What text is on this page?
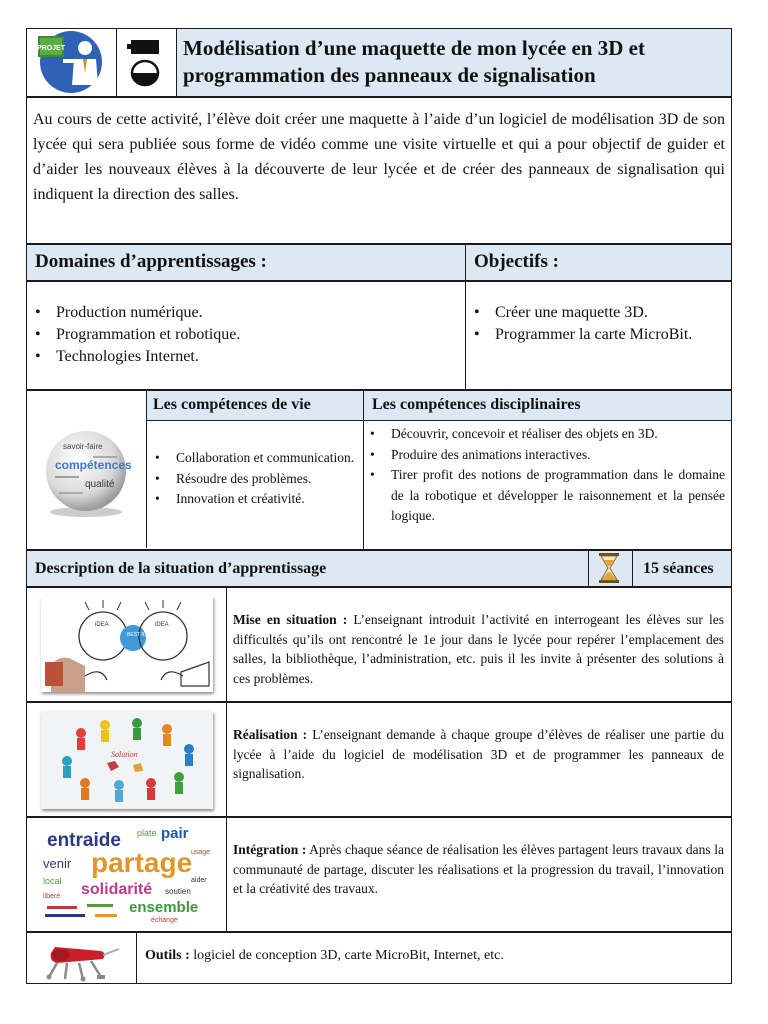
PROJET	Modélisation d’une maquette de mon lycée en 3D et
programmation des panneaux de signalisation
Au cours de cette activité, l’élève doit créer une maquette à l’aide d’un logiciel de modélisation 3D de son lycée qui sera publiée sous forme de vidéo comme une visite virtuelle et qui a pour objectif de guider et d’aider les nouveaux élèves à la découverte de leur lycée et de créer des panneaux de signalisation qui indiquent la direction des salles.
Domaines d’apprentissages :	Objectifs :
• Production numérique.
• Programmation et robotique.
• Technologies Internet.
• Créer une maquette 3D.
• Programmer la carte MicroBit.
savoir-faire
compétences
qualité
Les compétences de vie	Les compétences disciplinaires
• Collaboration et communication.
• Résoudre des problèmes.
• Innovation et créativité.
• Découvrir, concevoir et réaliser des objets en 3D.
• Produire des animations interactives.
• Tirer profit des notions de programmation dans le domaine de la robotique et développer le raisonnement et la pensée logique.
Description de la situation d’apprentissage	15 séances
iDEA
BEST IDEA
iDEA	Mise en situation : L’enseignant introduit l’activité en interrogeant les élèves sur les difficultés qu’ils ont rencontré le 1e jour dans le lycée pour repérer l’emplacement des salles, la bibliothèque, l’administration, etc. puis il les invite à présenter des solutions à ces problèmes.
Solution
Réalisation : L’enseignant demande à chaque groupe d’élèves de réaliser une partie du lycée à l’aide du logiciel de modélisation 3D et de programmer les panneaux de signalisation.
entraide plate pair
partage
venir
local solidarité soutien
aider
ensemble
échange
libéré
usage	Intégration : Après chaque séance de réalisation les élèves partagent leurs travaux dans la communauté de partage, discuter les réalisations et la progression du travail, l’innovation et la créativité des travaux.
Outils : logiciel de conception 3D, carte MicroBit, Internet, etc.
